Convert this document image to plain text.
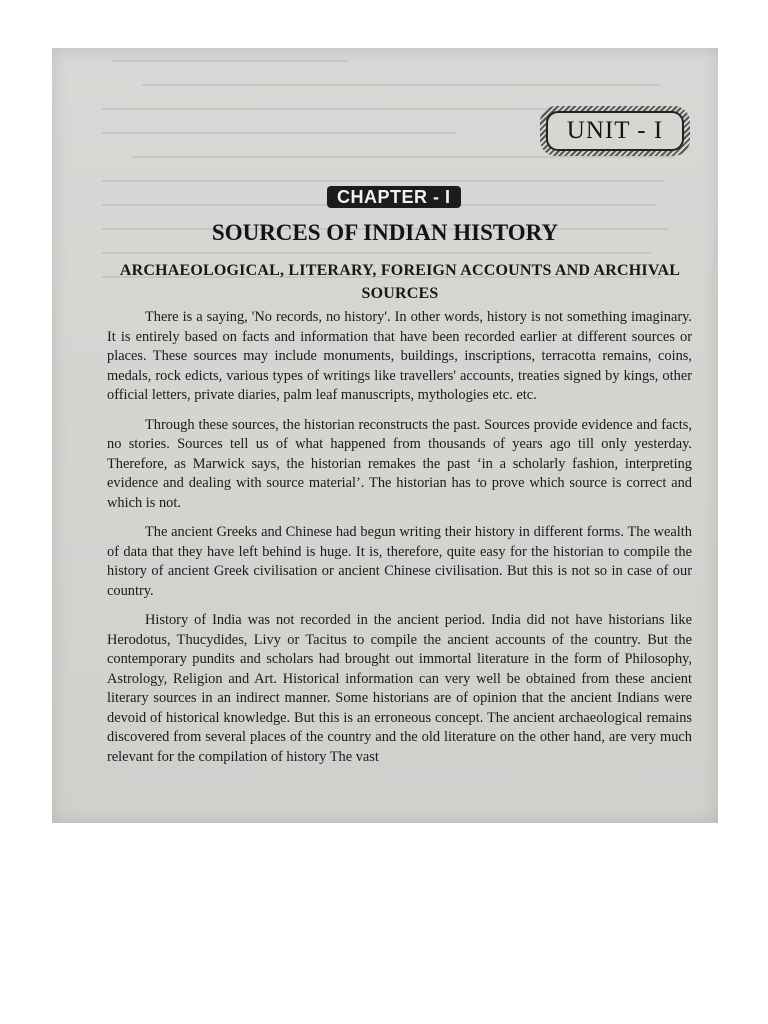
UNIT - I
CHAPTER - I
SOURCES OF INDIAN HISTORY
ARCHAEOLOGICAL, LITERARY, FOREIGN ACCOUNTS AND ARCHIVAL SOURCES

There is a saying, 'No records, no history'. In other words, history is not something imaginary. It is entirely based on facts and information that have been recorded earlier at different sources or places. These sources may include monuments, buildings, inscriptions, terracotta remains, coins, medals, rock edicts, various types of writings like travellers' accounts, treaties signed by kings, other official letters, private diaries, palm leaf manuscripts, mythologies etc. etc.

Through these sources, the historian reconstructs the past. Sources provide evidence and facts, no stories. Sources tell us of what happened from thousands of years ago till only yesterday. Therefore, as Marwick says, the historian remakes the past ‘in a scholarly fashion, interpreting evidence and dealing with source material’. The historian has to prove which source is correct and which is not.

The ancient Greeks and Chinese had begun writing their history in different forms. The wealth of data that they have left behind is huge. It is, therefore, quite easy for the historian to compile the history of ancient Greek civilisation or ancient Chinese civilisation. But this is not so in case of our country.

History of India was not recorded in the ancient period. India did not have historians like Herodotus, Thucydides, Livy or Tacitus to compile the ancient accounts of the country. But the contemporary pundits and scholars had brought out immortal literature in the form of Philosophy, Astrology, Religion and Art. Historical information can very well be obtained from these ancient literary sources in an indirect manner. Some historians are of opinion that the ancient Indians were devoid of historical knowledge. But this is an erroneous concept. The ancient archaeological remains discovered from several places of the country and the old literature on the other hand, are very much relevant for the compilation of history The vast
